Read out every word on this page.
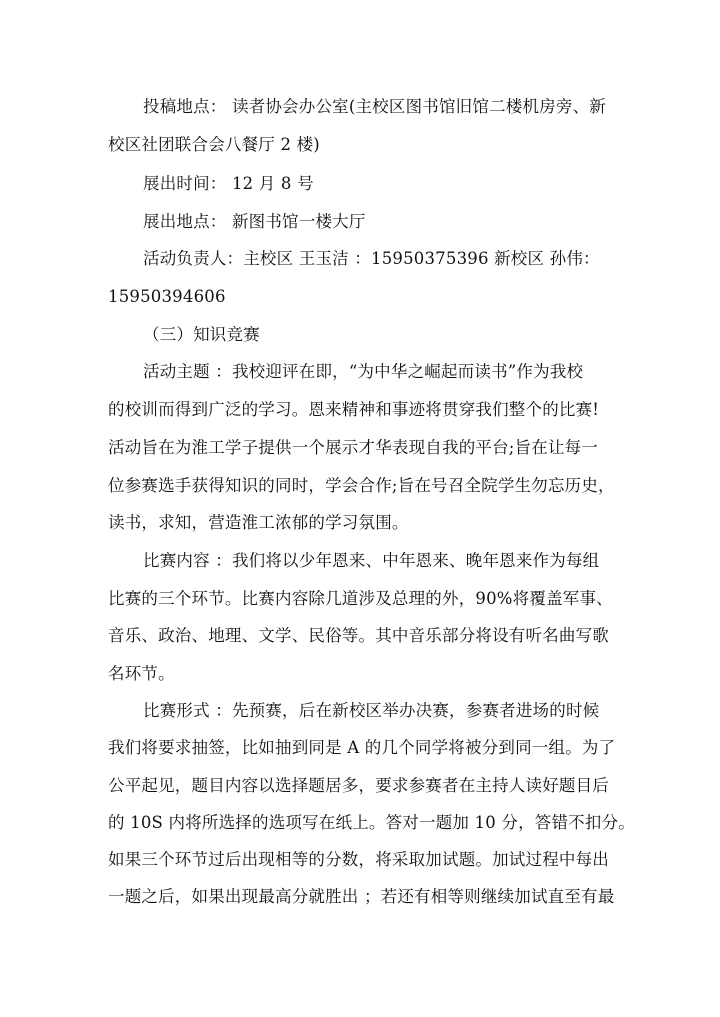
投稿地点： 读者协会办公室(主校区图书馆旧馆二楼机房旁、新
校区社团联合会八餐厅 2 楼)
展出时间： 12 月 8 号
展出地点： 新图书馆一楼大厅
活动负责人：主校区 王玉洁 ：15950375396 新校区 孙伟：
15950394606
（三）知识竞赛
活动主题 ：我校迎评在即，“为中华之崛起而读书”作为我校
的校训而得到广泛的学习。恩来精神和事迹将贯穿我们整个的比赛!
活动旨在为淮工学子提供一个展示才华表现自我的平台;旨在让每一
位参赛选手获得知识的同时，学会合作;旨在号召全院学生勿忘历史，
读书，求知，营造淮工浓郁的学习氛围。
比赛内容 ：我们将以少年恩来、中年恩来、晚年恩来作为每组
比赛的三个环节。比赛内容除几道涉及总理的外，90%将覆盖军事、
音乐、政治、地理、文学、民俗等。其中音乐部分将设有听名曲写歌
名环节。
比赛形式 ：先预赛，后在新校区举办决赛，参赛者进场的时候
我们将要求抽签，比如抽到同是 A 的几个同学将被分到同一组。为了
公平起见，题目内容以选择题居多，要求参赛者在主持人读好题目后
的 10S 内将所选择的选项写在纸上。答对一题加 10 分，答错不扣分。
如果三个环节过后出现相等的分数，将采取加试题。加试过程中每出
一题之后，如果出现最高分就胜出 ；若还有相等则继续加试直至有最
